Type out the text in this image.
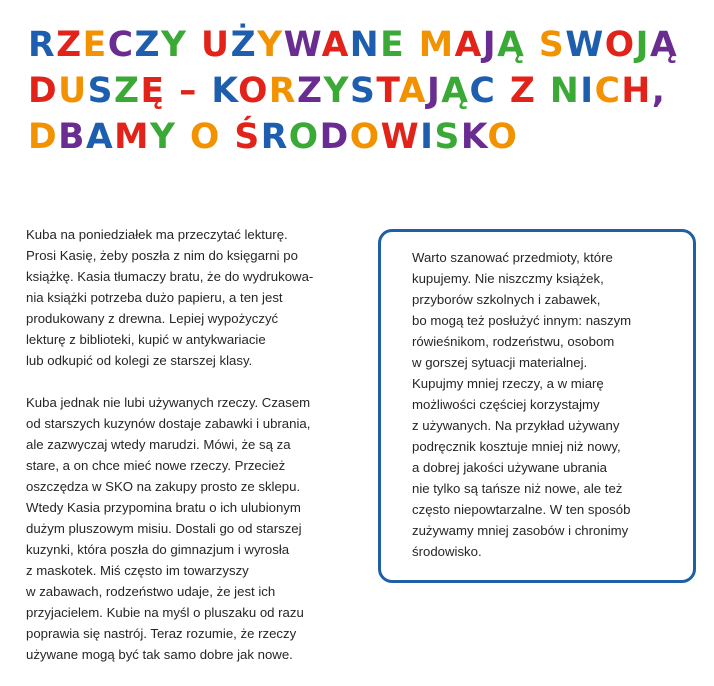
RZECZY UŻYWANE MAJĄ SWOJĄ
DUSZĘ – KORZYSTAJĄC Z NICH,
DBAMY O ŚRODOWISKO
Kuba na poniedziałek ma przeczytać lekturę.
Prosi Kasię, żeby poszła z nim do księgarni po
książkę. Kasia tłumaczy bratu, że do wydrukowa-
nia książki potrzeba dużo papieru, a ten jest
produkowany z drewna. Lepiej wypożyczyć
lekturę z biblioteki, kupić w antykwariacie
lub odkupić od kolegi ze starszej klasy.
Kuba jednak nie lubi używanych rzeczy. Czasem
od starszych kuzynów dostaje zabawki i ubrania,
ale zazwyczaj wtedy marudzi. Mówi, że są za
stare, a on chce mieć nowe rzeczy. Przecież
oszczędza w SKO na zakupy prosto ze sklepu.
Wtedy Kasia przypomina bratu o ich ulubionym
dużym pluszowym misiu. Dostali go od starszej
kuzynki, która poszła do gimnazjum i wyrosła
z maskotek. Miś często im towarzyszy
w zabawach, rodzeństwo udaje, że jest ich
przyjacielem. Kubie na myśl o pluszaku od razu
poprawia się nastrój. Teraz rozumie, że rzeczy
używane mogą być tak samo dobre jak nowe.
Warto szanować przedmioty, które
kupujemy. Nie niszczmy książek,
przyborów szkolnych i zabawek,
bo mogą też posłużyć innym: naszym
rówieśnikom, rodzeństwu, osobom
w gorszej sytuacji materialnej.
Kupujmy mniej rzeczy, a w miarę
możliwości częściej korzystajmy
z używanych. Na przykład używany
podręcznik kosztuje mniej niż nowy,
a dobrej jakości używane ubrania
nie tylko są tańsze niż nowe, ale też
często niepowtarzalne. W ten sposób
zużywamy mniej zasobów i chronimy
środowisko.
